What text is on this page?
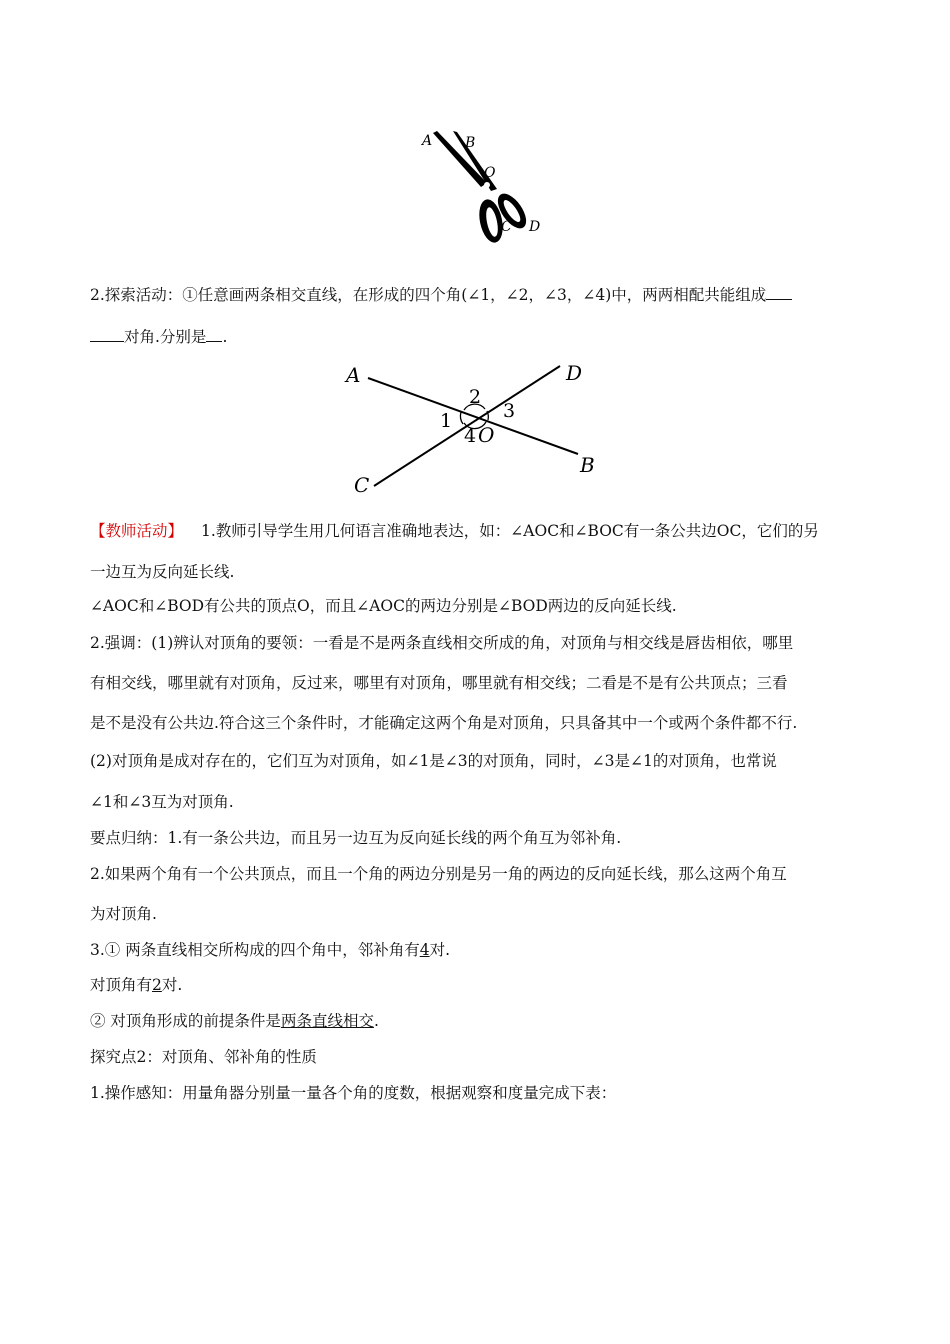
A B
O
C D
2.探索活动：①任意画两条相交直线，在形成的四个角(∠1，∠2，∠3，∠4)中，两两相配共能组成
对角.分别是 .
A	D
B
C
2
1	3
4 O
【教师活动】 1.教师引导学生用几何语言准确地表达，如：∠AOC和∠BOC有一条公共边OC，它们的另
一边互为反向延长线.
∠AOC和∠BOD有公共的顶点O，而且∠AOC的两边分别是∠BOD两边的反向延长线.
2.强调：(1)辨认对顶角的要领：一看是不是两条直线相交所成的角，对顶角与相交线是唇齿相依，哪里
有相交线，哪里就有对顶角，反过来，哪里有对顶角，哪里就有相交线；二看是不是有公共顶点；三看
是不是没有公共边.符合这三个条件时，才能确定这两个角是对顶角，只具备其中一个或两个条件都不行.
(2)对顶角是成对存在的，它们互为对顶角，如∠1是∠3的对顶角，同时，∠3是∠1的对顶角，也常说
∠1和∠3互为对顶角.
要点归纳：1.有一条公共边，而且另一边互为反向延长线的两个角互为邻补角.
2.如果两个角有一个公共顶点，而且一个角的两边分别是另一角的两边的反向延长线，那么这两个角互
为对顶角.
3.① 两条直线相交所构成的四个角中，邻补角有4对.
对顶角有2对.
② 对顶角形成的前提条件是两条直线相交.
探究点2：对顶角、邻补角的性质
1.操作感知：用量角器分别量一量各个角的度数，根据观察和度量完成下表：
